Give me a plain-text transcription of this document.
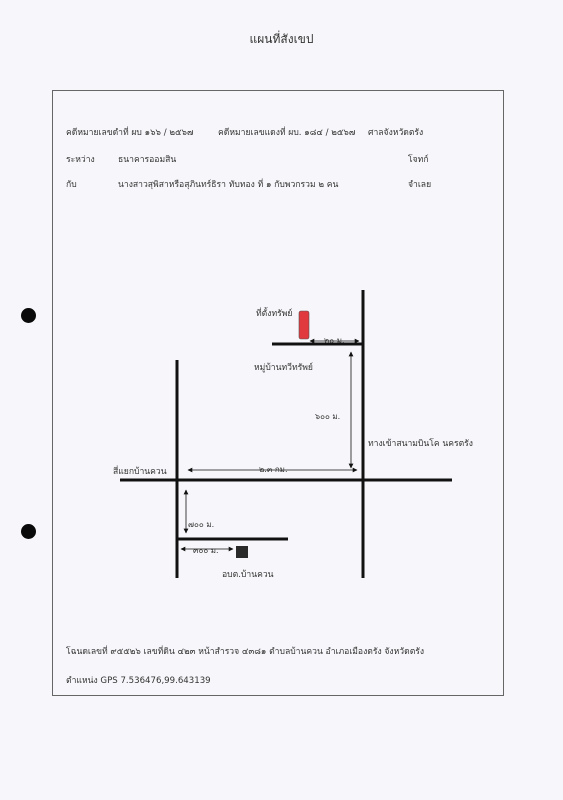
แผนที่สังเขป
คดีหมายเลขดำที่ ผบ ๑๖๖ / ๒๕๖๗	คดีหมายเลขแดงที่ ผบ. ๑๘๔ / ๒๕๖๗ ศาลจังหวัดตรัง
ระหว่าง	ธนาคารออมสิน	โจทก์
กับ	นางสาวสุพิสาหรือสุภินทร์ธิรา ทับทอง ที่ ๑ กับพวกรวม ๒ คน	จำเลย
ที่ตั้งทรัพย์
๒๐ ม.
หมู่บ้านทวีทรัพย์
๖๐๐ ม.
ทางเข้าสนามบินโค นครตรัง
สี่แยกบ้านควน	๒.๓ กม.
๗๐๐ ม.
๓๐๐ ม.
อบต.บ้านควน
โฉนดเลขที่ ๙๕๕๒๖ เลขที่ดิน ๔๒๓ หน้าสำรวจ ๔๓๘๑ ตำบลบ้านควน อำเภอเมืองตรัง จังหวัดตรัง
ตำแหน่ง GPS 7.536476,99.643139
